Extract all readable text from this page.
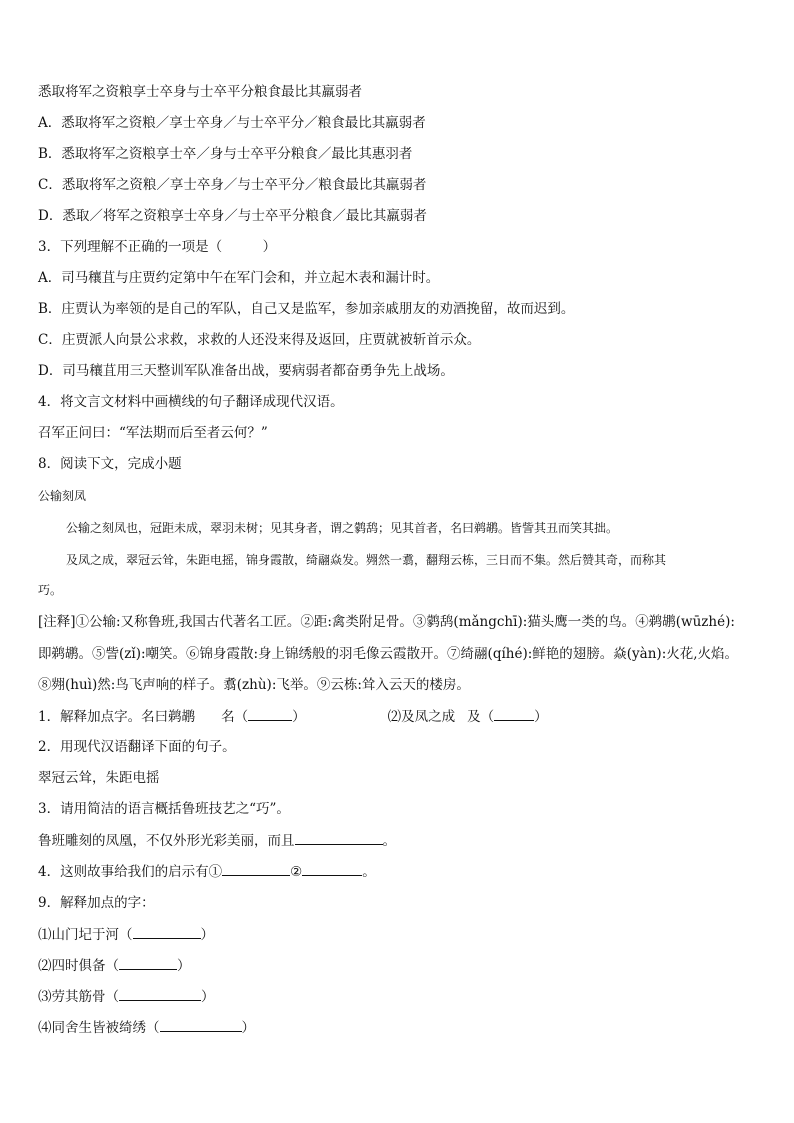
悉取将军之资粮享士卒身与士卒平分粮食最比其羸弱者
A．悉取将军之资粮／享士卒身／与士卒平分／粮食最比其羸弱者
B．悉取将军之资粮享士卒／身与士卒平分粮食／最比其惠羽者
C．悉取将军之资粮／享士卒身／与士卒平分／粮食最比其羸弱者
D．悉取／将军之资粮享士卒身／与士卒平分粮食／最比其羸弱者
3．下列理解不正确的一项是（　　　）
A．司马穰苴与庄贾约定第中午在军门会和，并立起木表和漏计时。
B．庄贾认为率领的是自己的军队，自己又是监军，参加亲戚朋友的劝酒挽留，故而迟到。
C．庄贾派人向景公求救，求救的人还没来得及返回，庄贾就被斩首示众。
D．司马穰苴用三天整训军队准备出战，要病弱者都奋勇争先上战场。
4．将文言文材料中画横线的句子翻译成现代汉语。
召军正问曰：“军法期而后至者云何？”
8．阅读下文，完成小题
公输刻凤
公输之刻凤也，冠距未成，翠羽未树；见其身者，谓之鹲鸹；见其首者，名曰鹈鹕。皆訾其丑而笑其拙。
及凤之成，翠冠云耸，朱距电摇，锦身霞散，绮翮焱发。翙然一翥，翻翔云栋，三日而不集。然后赞其奇，而称其
巧。
[注释]①公输:又称鲁班,我国古代著名工匠。②距:禽类附足骨。③鹲鸹(mǎngchī):猫头鹰一类的鸟。④鹈鹕(wūzhé):
即鹈鹕。⑤訾(zǐ):嘲笑。⑥锦身霞散:身上锦绣般的羽毛像云霞散开。⑦绮翮(qíhé):鲜艳的翅膀。焱(yàn):火花,火焰。
⑧翙(huì)然:鸟飞声响的样子。翥(zhù):飞举。⑨云栋:耸入云天的楼房。
2．用现代汉语翻译下面的句子。
翠冠云耸，朱距电摇
3．请用简洁的语言概括鲁班技艺之“巧”。
9．解释加点的字：
1．解释加点字。名曰鹈鹕 名（	）	⑵及凤之成 及（	）
鲁班雕刻的凤凰，不仅外形光彩美丽，而且	。
4．这则故事给我们的启示有①	②	。
⑴山门圮于河（	）
⑵四时俱备（	）
⑶劳其筋骨（	）
⑷同舍生皆被绮绣（	）
